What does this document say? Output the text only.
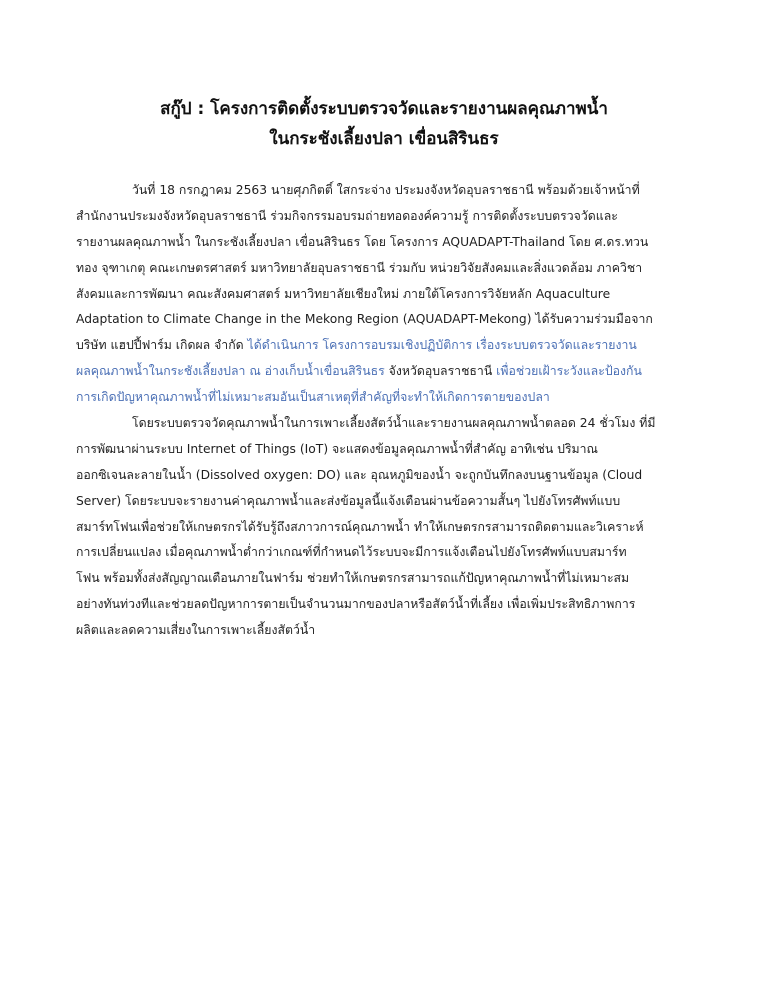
สกู๊ป : โครงการติดตั้งระบบตรวจวัดและรายงานผลคุณภาพน้ำ
ในกระชังเลี้ยงปลา เขื่อนสิรินธร
วันที่ 18 กรกฎาคม 2563 นายศุภกิตติ์ ใสกระจ่าง ประมงจังหวัดอุบลราชธานี พร้อมด้วยเจ้าหน้าที่
สำนักงานประมงจังหวัดอุบลราชธานี ร่วมกิจกรรมอบรมถ่ายทอดองค์ความรู้ การติดตั้งระบบตรวจวัดและ
รายงานผลคุณภาพน้ำ ในกระชังเลี้ยงปลา เขื่อนสิรินธร โดย โครงการ AQUADAPT-Thailand โดย ศ.ดร.ทวน
ทอง จุฑาเกตุ คณะเกษตรศาสตร์ มหาวิทยาลัยอุบลราชธานี ร่วมกับ หน่วยวิจัยสังคมและสิ่งแวดล้อม ภาควิชา
สังคมและการพัฒนา คณะสังคมศาสตร์ มหาวิทยาลัยเชียงใหม่ ภายใต้โครงการวิจัยหลัก Aquaculture
Adaptation to Climate Change in the Mekong Region (AQUADAPT-Mekong) ได้รับความร่วมมือจาก
บริษัท แฮปปี้ฟาร์ม เกิดผล จำกัด ได้ดำเนินการ โครงการอบรมเชิงปฏิบัติการ เรื่องระบบตรวจวัดและรายงาน
ผลคุณภาพน้ำในกระชังเลี้ยงปลา ณ อ่างเก็บน้ำเขื่อนสิรินธร จังหวัดอุบลราชธานี เพื่อช่วยเฝ้าระวังและป้องกัน
การเกิดปัญหาคุณภาพน้ำที่ไม่เหมาะสมอันเป็นสาเหตุที่สำคัญที่จะทำให้เกิดการตายของปลา
โดยระบบตรวจวัดคุณภาพน้ำในการเพาะเลี้ยงสัตว์น้ำและรายงานผลคุณภาพน้ำตลอด 24 ชั่วโมง ที่มี
การพัฒนาผ่านระบบ Internet of Things (IoT) จะแสดงข้อมูลคุณภาพน้ำที่สำคัญ อาทิเช่น ปริมาณ
ออกซิเจนละลายในน้ำ (Dissolved oxygen: DO) และ อุณหภูมิของน้ำ จะถูกบันทึกลงบนฐานข้อมูล (Cloud
Server) โดยระบบจะรายงานค่าคุณภาพน้ำและส่งข้อมูลนี้แจ้งเตือนผ่านข้อความสั้นๆ ไปยังโทรศัพท์แบบ
สมาร์ทโฟนเพื่อช่วยให้เกษตรกรได้รับรู้ถึงสภาวการณ์คุณภาพน้ำ ทำให้เกษตรกรสามารถติดตามและวิเคราะห์
การเปลี่ยนแปลง เมื่อคุณภาพน้ำต่ำกว่าเกณฑ์ที่กำหนดไว้ระบบจะมีการแจ้งเตือนไปยังโทรศัพท์แบบสมาร์ท
โฟน พร้อมทั้งส่งสัญญาณเตือนภายในฟาร์ม ช่วยทำให้เกษตรกรสามารถแก้ปัญหาคุณภาพน้ำที่ไม่เหมาะสม
อย่างทันท่วงทีและช่วยลดปัญหาการตายเป็นจำนวนมากของปลาหรือสัตว์น้ำที่เลี้ยง เพื่อเพิ่มประสิทธิภาพการ
ผลิตและลดความเสี่ยงในการเพาะเลี้ยงสัตว์น้ำ
